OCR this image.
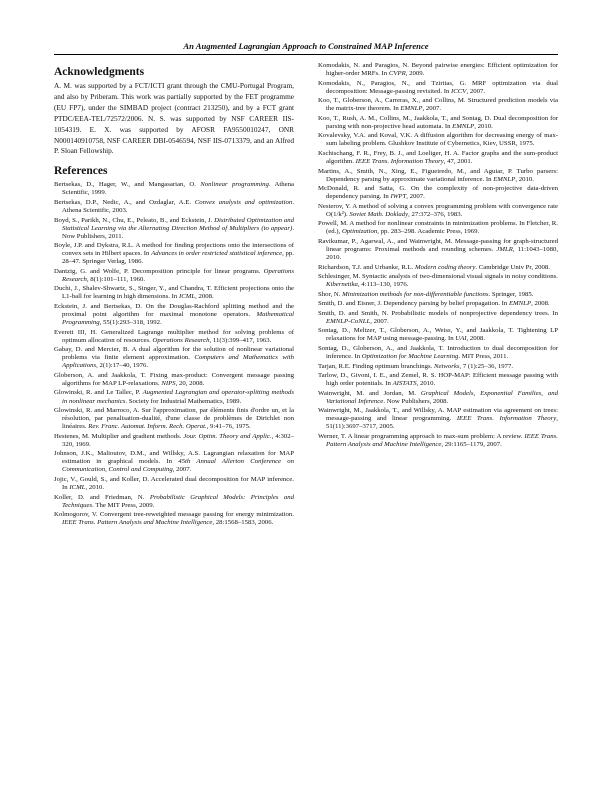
An Augmented Lagrangian Approach to Constrained MAP Inference
Acknowledgments

A. M. was supported by a FCT/ICTI grant through the CMU-Portugal Program, and also by Priberam. This work was partially supported by the FET programme (EU FP7), under the SIMBAD project (contract 213250), and by a FCT grant PTDC/EEA-TEL/72572/2006. N. S. was supported by NSF CAREER IIS-1054319. E. X. was supported by AFOSR FA9550010247, ONR N000140910758, NSF CAREER DBI-0546594, NSF IIS-0713379, and an Alfred P. Sloan Fellowship.

References
Bertsekas, D., Hager, W., and Mangasarian, O. Nonlinear programming. Athena Scientific, 1999.
Bertsekas, D.P., Nedic, A., and Ozdaglar, A.E. Convex analysis and optimization. Athena Scientific, 2003.
Boyd, S., Parikh, N., Chu, E., Peleato, B., and Eckstein, J. Distributed Optimization and Statistical Learning via the Alternating Direction Method of Multipliers (to appear). Now Publishers, 2011.
Boyle, J.P. and Dykstra, R.L. A method for finding projections onto the intersections of convex sets in Hilbert spaces. In Advances in order restricted statistical inference, pp. 28–47. Springer Verlag, 1986.
Dantzig, G. and Wolfe, P. Decomposition principle for linear programs. Operations Research, 8(1):101–111, 1960.
Duchi, J., Shalev-Shwartz, S., Singer, Y., and Chandra, T. Efficient projections onto the L1-ball for learning in high dimensions. In ICML, 2008.
Eckstein, J. and Bertsekas, D. On the Douglas-Rachford splitting method and the proximal point algorithm for maximal monotone operators. Mathematical Programming, 55(1):293–318, 1992.
Everett III, H. Generalized Lagrange multiplier method for solving problems of optimum allocation of resources. Operations Research, 11(3):399–417, 1963.
Gabay, D. and Mercier, B. A dual algorithm for the solution of nonlinear variational problems via finite element approximation. Computers and Mathematics with Applications, 2(1):17–40, 1976.
Globerson, A. and Jaakkola, T. Fixing max-product: Convergent message passing algorithms for MAP LP-relaxations. NIPS, 20, 2008.
Glowinski, R. and Le Tallec, P. Augmented Lagrangian and operator-splitting methods in nonlinear mechanics. Society for Industrial Mathematics, 1989.
Glowinski, R. and Marroco, A. Sur l'approximation, par éléments finis d'ordre un, et la résolution, par penalisation-dualité, d'une classe de problèmes de Dirichlet non linéaires. Rev. Franc. Automat. Inform. Rech. Operat., 9:41–76, 1975.
Hestenes, M. Multiplier and gradient methods. Jour. Optim. Theory and Applic., 4:302–320, 1969.
Johnson, J.K., Malioutov, D.M., and Willsky, A.S. Lagrangian relaxation for MAP estimation in graphical models. In 45th Annual Allerton Conference on Communication, Control and Computing, 2007.
Jojic, V., Gould, S., and Koller, D. Accelerated dual decomposition for MAP inference. In ICML, 2010.
Koller, D. and Friedman, N. Probabilistic Graphical Models: Principles and Techniques. The MIT Press, 2009.
Kolmogorov, V. Convergent tree-reweighted message passing for energy minimization. IEEE Trans. Pattern Analysis and Machine Intelligence, 28:1568–1583, 2006.
Komodakis, N. and Paragios, N. Beyond pairwise energies: Efficient optimization for higher-order MRFs. In CVPR, 2009.
Komodakis, N., Paragios, N., and Tziritas, G. MRF optimization via dual decomposition: Message-passing revisited. In ICCV, 2007.
Koo, T., Globerson, A., Carreras, X., and Collins, M. Structured prediction models via the matrix-tree theorem. In EMNLP, 2007.
Koo, T., Rush, A. M., Collins, M., Jaakkola, T., and Sontag, D. Dual decomposition for parsing with non-projective head automata. In EMNLP, 2010.
Kovalevsky, V.A. and Koval, V.K. A diffusion algorithm for decreasing energy of max-sum labeling problem. Glushkov Institute of Cybernetics, Kiev, USSR, 1975.
Kschischang, F. R., Frey, B. J., and Loeliger, H. A. Factor graphs and the sum-product algorithm. IEEE Trans. Information Theory, 47, 2001.
Martins, A., Smith, N., Xing, E., Figueiredo, M., and Aguiar, P. Turbo parsers: Dependency parsing by approximate variational inference. In EMNLP, 2010.
McDonald, R. and Satta, G. On the complexity of non-projective data-driven dependency parsing. In IWPT, 2007.
Nesterov, Y. A method of solving a convex programming problem with convergence rate O(1/k²). Soviet Math. Doklady, 27:372–376, 1983.
Powell, M. A method for nonlinear constraints in minimization problems. In Fletcher, R. (ed.), Optimization, pp. 283–298. Academic Press, 1969.
Ravikumar, P., Agarwal, A., and Wainwright, M. Message-passing for graph-structured linear programs: Proximal methods and rounding schemes. JMLR, 11:1043–1080, 2010.
Richardson, T.J. and Urbanke, R.L. Modern coding theory. Cambridge Univ Pr, 2008.
Schlesinger, M. Syntactic analysis of two-dimensional visual signals in noisy conditions. Kibernetika, 4:113–130, 1976.
Shor, N. Minimization methods for non-differentiable functions. Springer, 1985.
Smith, D. and Eisner, J. Dependency parsing by belief propagation. In EMNLP, 2008.
Smith, D. and Smith, N. Probabilistic models of nonprojective dependency trees. In EMNLP-CoNLL, 2007.
Sontag, D., Meltzer, T., Globerson, A., Weiss, Y., and Jaakkola, T. Tightening LP relaxations for MAP using message-passing. In UAI, 2008.
Sontag, D., Globerson, A., and Jaakkola, T. Introduction to dual decomposition for inference. In Optimization for Machine Learning. MIT Press, 2011.
Tarjan, R.E. Finding optimum branchings. Networks, 7 (1):25–36, 1977.
Tarlow, D., Givoni, I. E., and Zemel, R. S. HOP-MAP: Efficient message passing with high order potentials. In AISTATS, 2010.
Wainwright, M. and Jordan, M. Graphical Models, Exponential Families, and Variational Inference. Now Publishers, 2008.
Wainwright, M., Jaakkola, T., and Willsky, A. MAP estimation via agreement on trees: message-passing and linear programming. IEEE Trans. Information Theory, 51(11):3697–3717, 2005.
Werner, T. A linear programming approach to max-sum problem: A review. IEEE Trans. Pattern Analysis and Machine Intelligence, 29:1165–1179, 2007.
